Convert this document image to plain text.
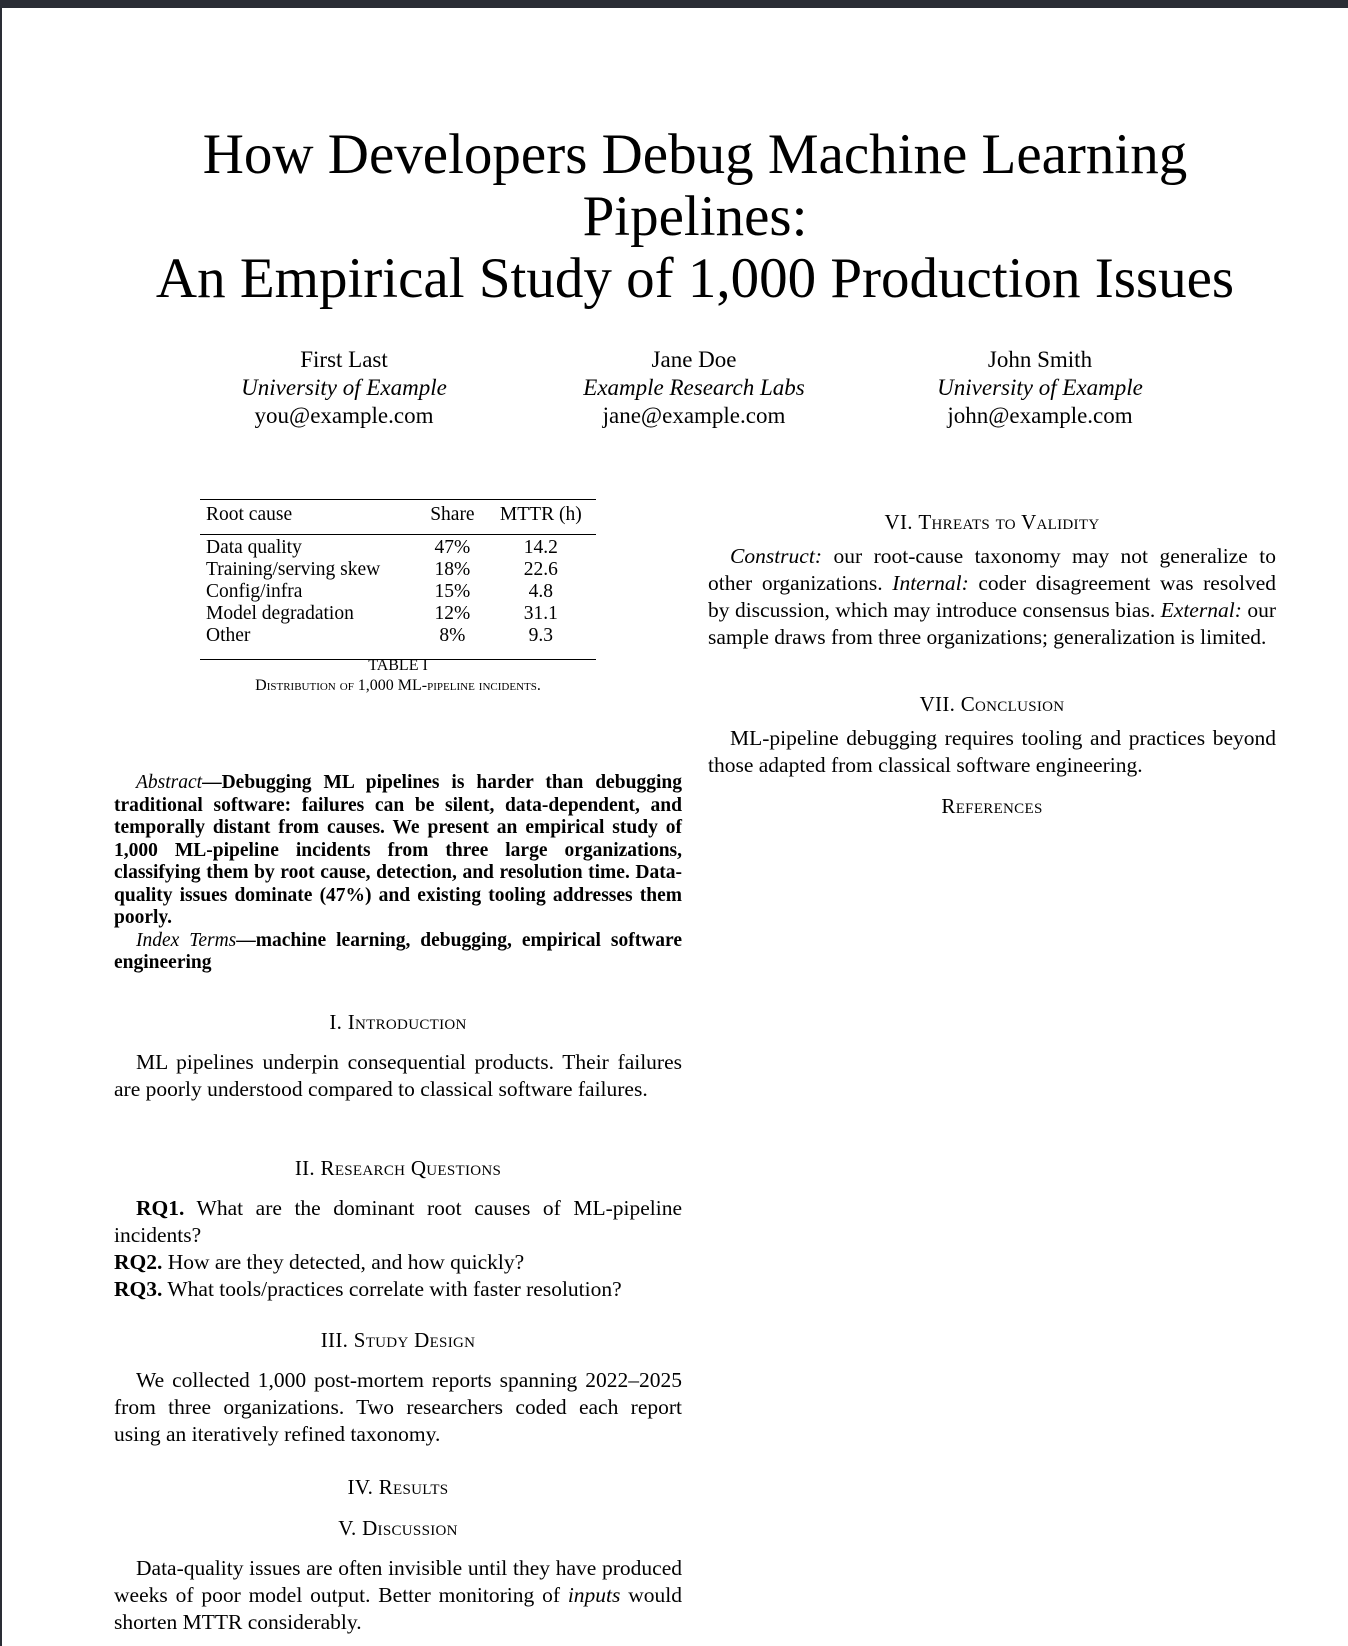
How Developers Debug Machine Learning
Pipelines:
An Empirical Study of 1,000 Production Issues
First Last
University of Example
you@example.com
Jane Doe
Example Research Labs
jane@example.com
John Smith
University of Example
john@example.com
Root cause	Share	MTTR (h)
Data quality	47%	14.2
Training/serving skew	18%	22.6
Config/infra	15%	4.8
Model degradation	12%	31.1
Other	8%	9.3
TABLE I
Distribution of 1,000 ML-pipeline incidents.

Abstract—Debugging ML pipelines is harder than debugging traditional software: failures can be silent, data-dependent, and temporally distant from causes. We present an empirical study of 1,000 ML-pipeline incidents from three large organizations, classifying them by root cause, detection, and resolution time. Data-quality issues dominate (47%) and existing tooling addresses them poorly.

Index Terms—machine learning, debugging, empirical software engineering

I. Introduction

ML pipelines underpin consequential products. Their failures are poorly understood compared to classical software failures.

II. Research Questions
RQ1. What are the dominant root causes of ML-pipeline incidents?
RQ2. How are they detected, and how quickly?
RQ3. What tools/practices correlate with faster resolution?
III. Study Design

We collected 1,000 post-mortem reports spanning 2022–2025 from three organizations. Two researchers coded each report using an iteratively refined taxonomy.

IV. Results
V. Discussion

Data-quality issues are often invisible until they have produced weeks of poor model output. Better monitoring of inputs would shorten MTTR considerably.

VI. Threats to Validity

Construct: our root-cause taxonomy may not generalize to other organizations. Internal: coder disagreement was resolved by discussion, which may introduce consensus bias. External: our sample draws from three organizations; generalization is limited.

VII. Conclusion

ML-pipeline debugging requires tooling and practices beyond those adapted from classical software engineering.

References
